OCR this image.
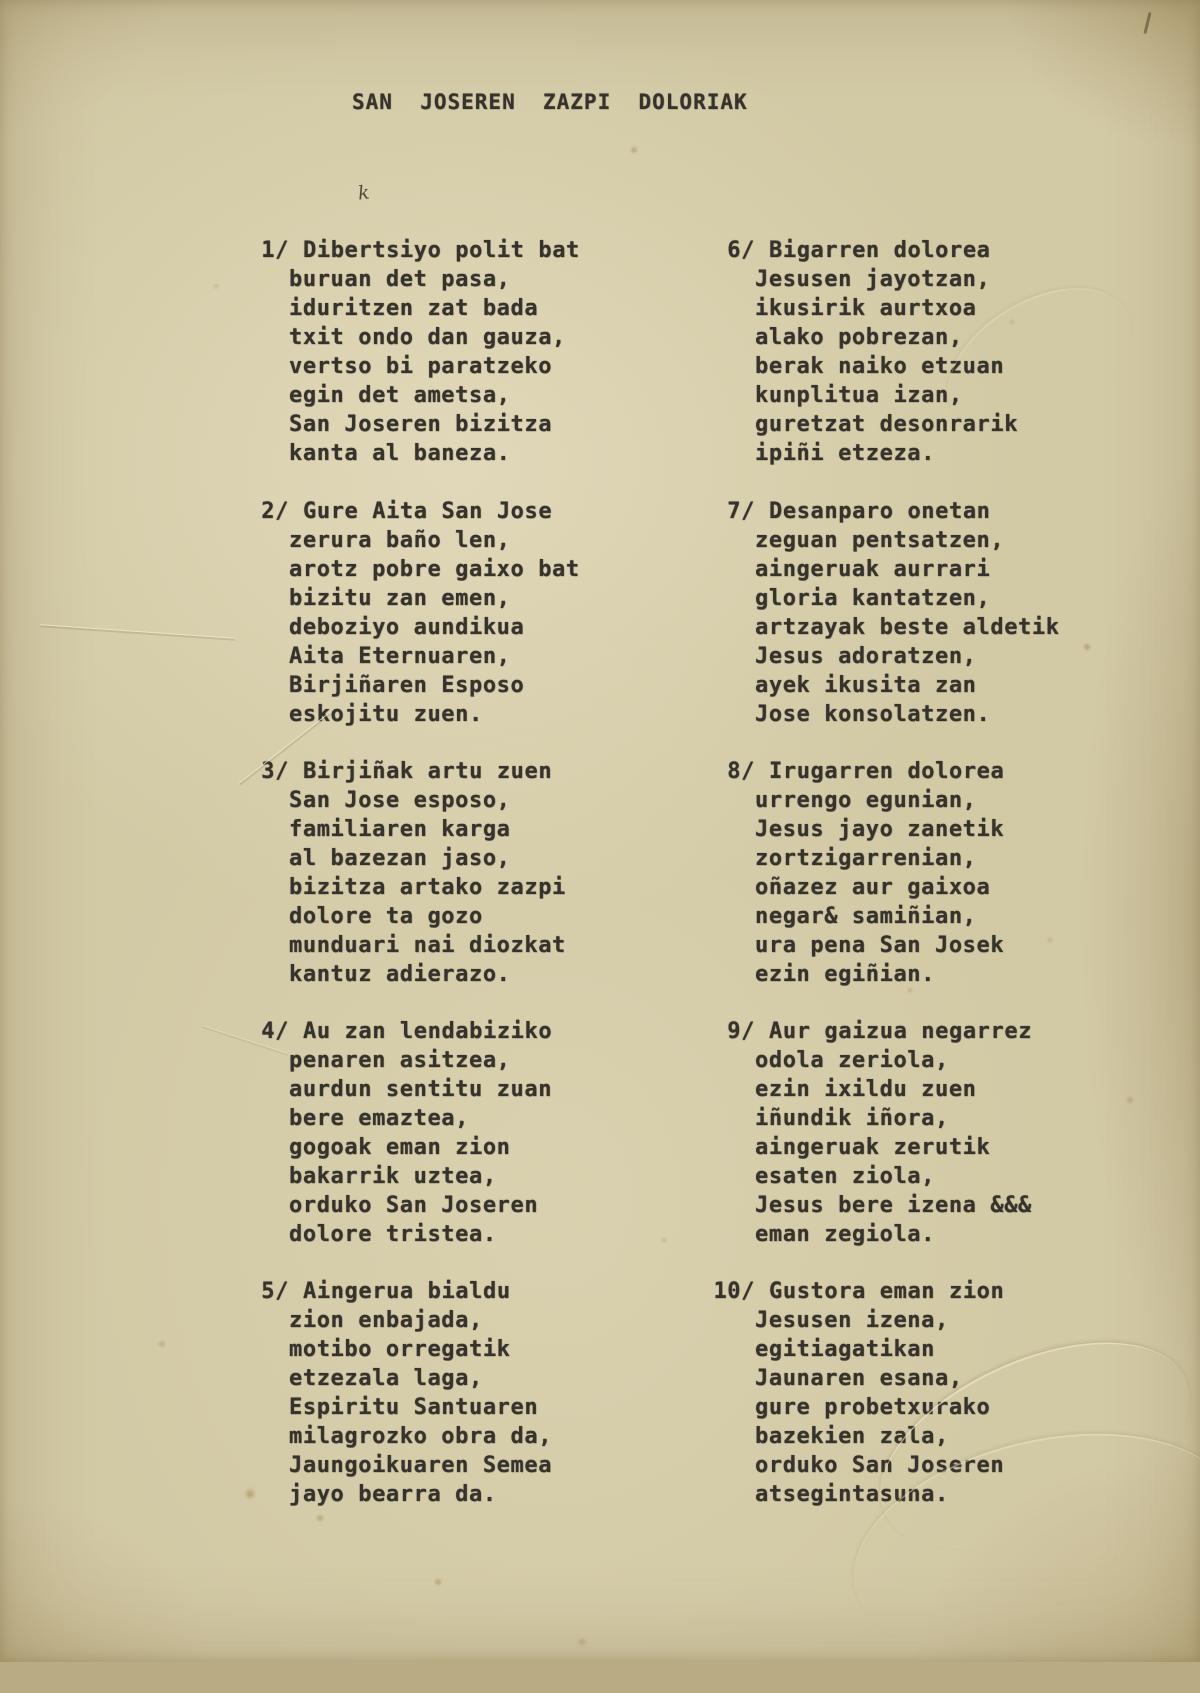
SAN  JOSEREN  ZAZPI  DOLORIAK
k
1/ Dibertsiyo polit bat
buruan det pasa,
iduritzen zat bada
txit ondo dan gauza,
vertso bi paratzeko
egin det ametsa,
San Joseren bizitza
kanta al baneza.
2/ Gure Aita San Jose
zerura baño len,
arotz pobre gaixo bat
bizitu zan emen,
deboziyo aundikua
Aita Eternuaren,
Birjiñaren Esposo
eskojitu zuen.
3/ Birjiñak artu zuen
San Jose esposo,
familiaren karga
al bazezan jaso,
bizitza artako zazpi
dolore ta gozo
munduari nai diozkat
kantuz adierazo.
4/ Au zan lendabiziko
penaren asitzea,
aurdun sentitu zuan
bere emaztea,
gogoak eman zion
bakarrik uztea,
orduko San Joseren
dolore tristea.
5/ Aingerua bialdu
zion enbajada,
motibo orregatik
etzezala laga,
Espiritu Santuaren
milagrozko obra da,
Jaungoikuaren Semea
jayo bearra da.
6/ Bigarren dolorea
Jesusen jayotzan,
ikusirik aurtxoa
alako pobrezan,
berak naiko etzuan
kunplitua izan,
guretzat desonrarik
ipiñi etzeza.
7/ Desanparo onetan
zeguan pentsatzen,
aingeruak aurrari
gloria kantatzen,
artzayak beste aldetik
Jesus adoratzen,
ayek ikusita zan
Jose konsolatzen.
8/ Irugarren dolorea
urrengo egunian,
Jesus jayo zanetik
zortzigarrenian,
oñazez aur gaixoa
negar& samiñian,
ura pena San Josek
ezin egiñian.
9/ Aur gaizua negarrez
odola zeriola,
ezin ixildu zuen
iñundik iñora,
aingeruak zerutik
esaten ziola,
Jesus bere izena &&&
eman zegiola.
10/ Gustora eman zion
Jesusen izena,
egitiagatikan
Jaunaren esana,
gure probetxurako
bazekien zala,
orduko San Joseren
atsegintasuna.
